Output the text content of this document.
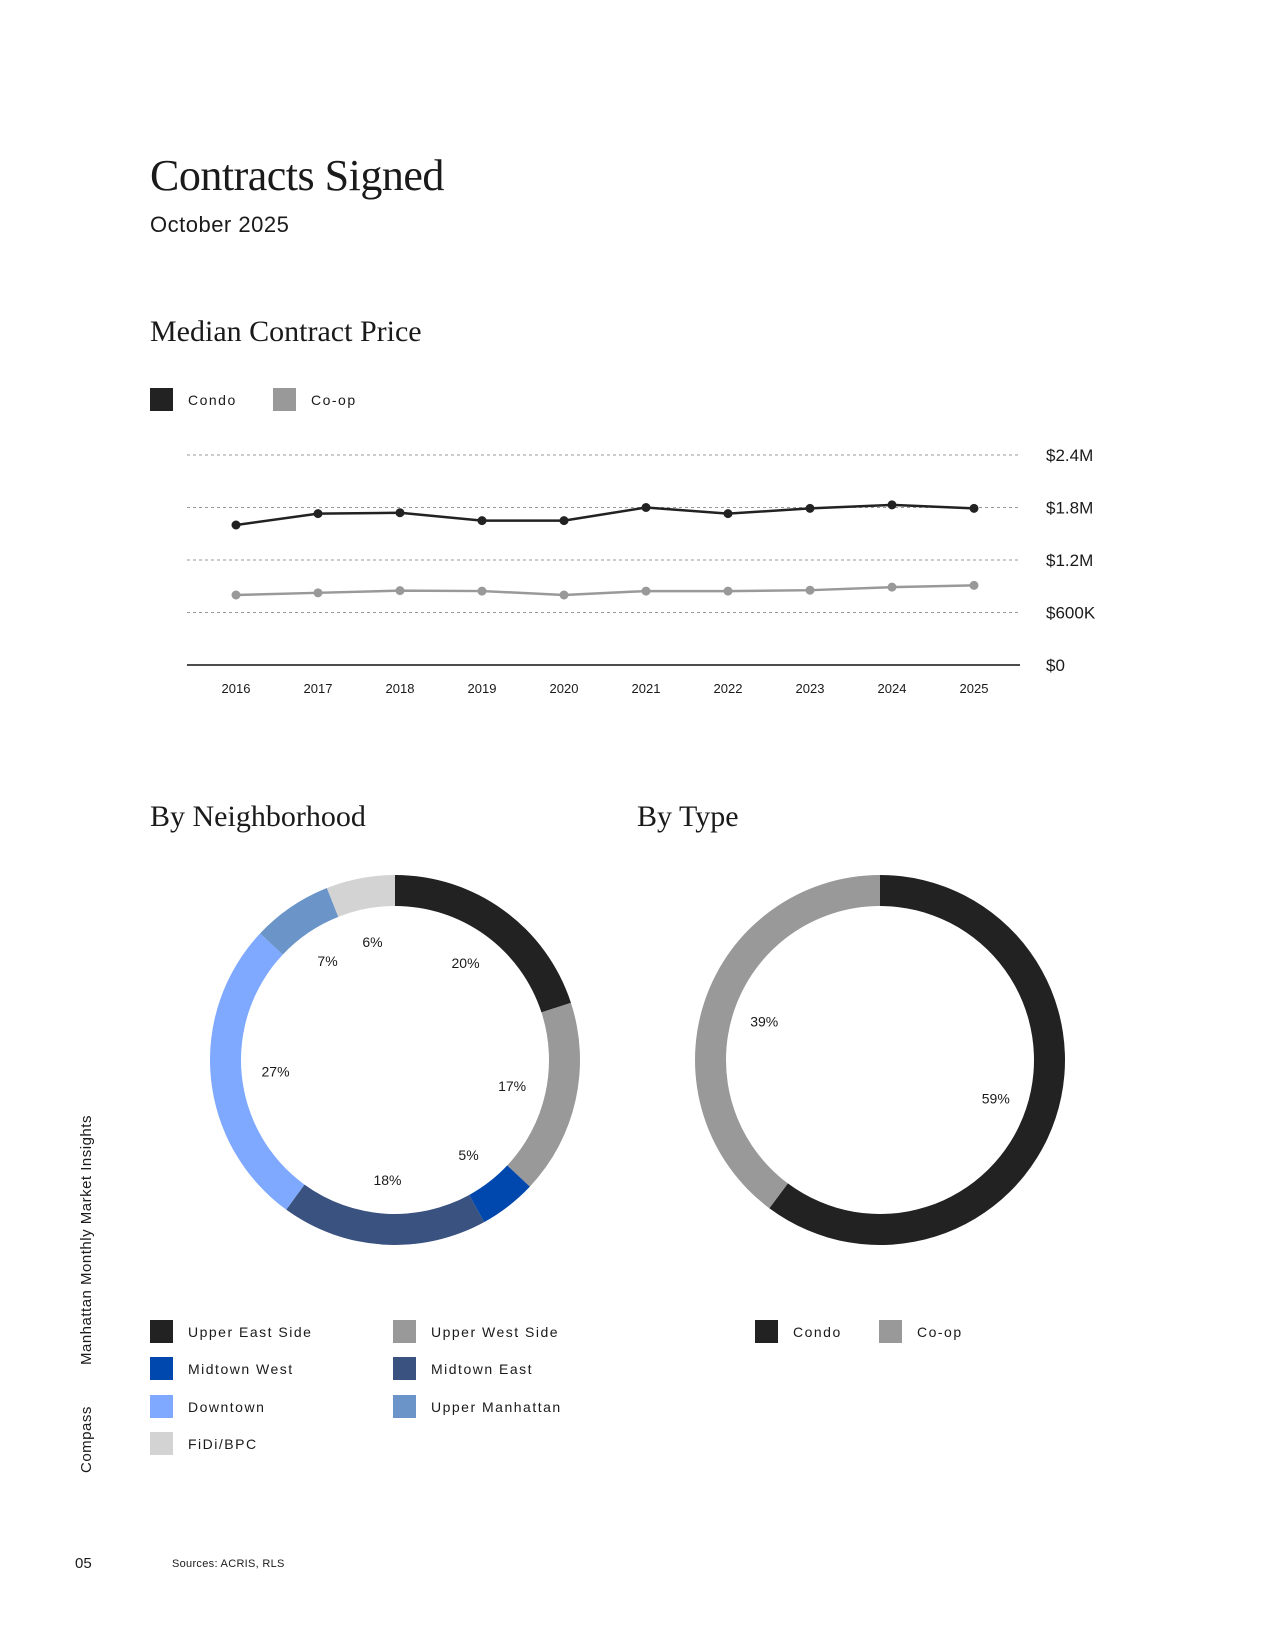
Contracts Signed
October 2025
Median Contract Price
Condo	Co-op
$0
$600K
$1.2M
$1.8M
$2.4M
2016	2017	2018	2019	2020	2021	2022	2023	2024	2025
By Neighborhood
20%
17%
5%
18%
27%
7%
6%
By Type
59%
39%
Upper East Side	Upper West Side
Midtown West	Midtown East
Downtown	Upper Manhattan
FiDi/BPC
Condo	Co-op
Manhattan Monthly Market Insights
Compass
05	Sources: ACRIS, RLS
